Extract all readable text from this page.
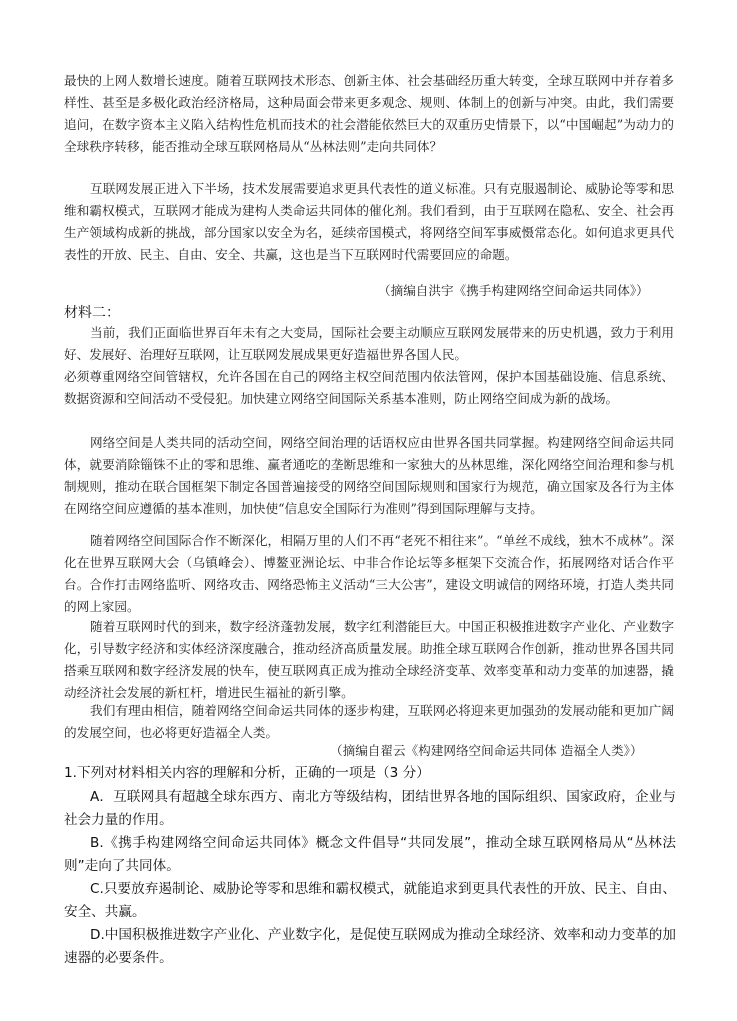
最快的上网人数增长速度。随着互联网技术形态、创新主体、社会基础经历重大转变，全球互联网中并存着多样性、甚至是多极化政治经济格局，这种局面会带来更多观念、规则、体制上的创新与冲突。由此，我们需要追问，在数字资本主义陷入结构性危机而技术的社会潜能依然巨大的双重历史情景下，以“中国崛起”为动力的全球秩序转移，能否推动全球互联网格局从“丛林法则”走向共同体？

互联网发展正进入下半场，技术发展需要追求更具代表性的道义标准。只有克服遏制论、威胁论等零和思维和霸权模式，互联网才能成为建构人类命运共同体的催化剂。我们看到，由于互联网在隐私、安全、社会再生产领域构成新的挑战，部分国家以安全为名，延续帝国模式，将网络空间军事威慑常态化。如何追求更具代表性的开放、民主、自由、安全、共赢，这也是当下互联网时代需要回应的命题。

（摘编自洪宇《携手构建网络空间命运共同体》）

材料二：

当前，我们正面临世界百年未有之大变局，国际社会要主动顺应互联网发展带来的历史机遇，致力于利用好、发展好、治理好互联网，让互联网发展成果更好造福世界各国人民。

必须尊重网络空间管辖权，允许各国在自己的网络主权空间范围内依法管网，保护本国基础设施、信息系统、数据资源和空间活动不受侵犯。加快建立网络空间国际关系基本准则，防止网络空间成为新的战场。

网络空间是人类共同的活动空间，网络空间治理的话语权应由世界各国共同掌握。构建网络空间命运共同体，就要消除锱铢不止的零和思维、赢者通吃的垄断思维和一家独大的丛林思维，深化网络空间治理和参与机制规则，推动在联合国框架下制定各国普遍接受的网络空间国际规则和国家行为规范，确立国家及各行为主体在网络空间应遵循的基本准则，加快使“信息安全国际行为准则”得到国际理解与支持。

随着网络空间国际合作不断深化，相隔万里的人们不再“老死不相往来”。“单丝不成线，独木不成林”。深化在世界互联网大会（乌镇峰会）、博鳌亚洲论坛、中非合作论坛等多框架下交流合作，拓展网络对话合作平台。合作打击网络监听、网络攻击、网络恐怖主义活动“三大公害”，建设文明诚信的网络环境，打造人类共同的网上家园。

随着互联网时代的到来，数字经济蓬勃发展，数字红利潜能巨大。中国正积极推进数字产业化、产业数字化，引导数字经济和实体经济深度融合，推动经济高质量发展。助推全球互联网合作创新，推动世界各国共同搭乘互联网和数字经济发展的快车，使互联网真正成为推动全球经济变革、效率变革和动力变革的加速器，撬动经济社会发展的新杠杆，增进民生福祉的新引擎。

我们有理由相信，随着网络空间命运共同体的逐步构建，互联网必将迎来更加强劲的发展动能和更加广阔的发展空间，也必将更好造福全人类。

（摘编自翟云《构建网络空间命运共同体 造福全人类》）

1.下列对材料相关内容的理解和分析，正确的一项是（3 分）

A．互联网具有超越全球东西方、南北方等级结构，团结世界各地的国际组织、国家政府，企业与社会力量的作用。

B.《携手构建网络空间命运共同体》概念文件倡导“共同发展”，推动全球互联网格局从“丛林法则”走向了共同体。

C.只要放弃遏制论、威胁论等零和思维和霸权模式，就能追求到更具代表性的开放、民主、自由、安全、共赢。

D.中国积极推进数字产业化、产业数字化，是促使互联网成为推动全球经济、效率和动力变革的加速器的必要条件。
